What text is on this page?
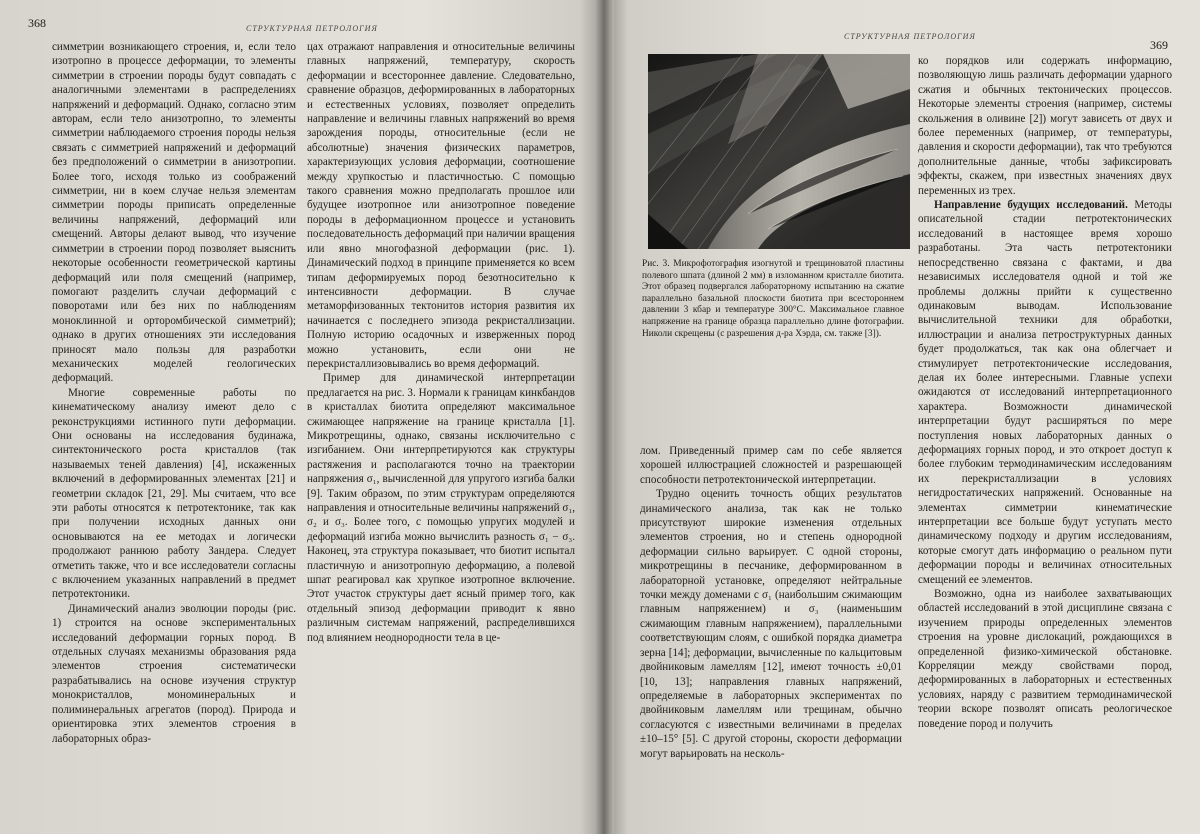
368	СТРУКТУРНАЯ ПЕТРОЛОГИЯ

симметрии возникающего строения, и, если тело изотропно в процессе деформации, то элементы симметрии в строении породы будут совпадать с аналогичными элементами в распределениях напряжений и деформаций. Однако, согласно этим авторам, если тело анизотропно, то элементы симметрии наблюдаемого строения породы нельзя связать с симметрией напряжений и деформаций без предположений о симметрии в анизотропии. Более того, исходя только из соображений симметрии, ни в коем случае нельзя элементам симметрии породы приписать определенные величины напряжений, деформаций или смещений. Авторы делают вывод, что изучение симметрии в строении пород позволяет выяснить некоторые особенности геометрической картины деформаций или поля смещений (например, помогают разделить случаи деформаций с поворотами или без них по наблюдениям моноклинной и орторомбической симметрий); однако в других отношениях эти исследования приносят мало пользы для разработки механических моделей геологических деформаций.

Многие современные работы по кинематическому анализу имеют дело с реконструкциями истинного пути деформации. Они основаны на исследования будинажа, синтектонического роста кристаллов (так называемых теней давления) [4], искаженных включений в деформированных элементах [21] и геометрии складок [21, 29]. Мы считаем, что все эти работы относятся к петротектонике, так как при получении исходных данных они основываются на ее методах и логически продолжают раннюю работу Зандера. Следует отметить также, что и все исследователи согласны с включением указанных направлений в предмет петротектоники.

Динамический анализ эволюции породы (рис. 1) строится на основе экспериментальных исследований деформации горных пород. В отдельных случаях механизмы образования ряда элементов строения систематически разрабатывались на основе изучения структур монокристаллов, мономинеральных и полиминеральных агрегатов (пород). Природа и ориентировка этих элементов строения в лабораторных образ-

цах отражают направления и относительные величины главных напряжений, температуру, скорость деформации и всестороннее давление. Следовательно, сравнение образцов, деформированных в лабораторных и естественных условиях, позволяет определить направление и величины главных напряжений во время зарождения породы, относительные (если не абсолютные) значения физических параметров, характеризующих условия деформации, соотношение между хрупкостью и пластичностью. С помощью такого сравнения можно предполагать прошлое или будущее изотропное или анизотропное поведение породы в деформационном процессе и установить последовательность деформаций при наличии вращения или явно многофазной деформации (рис. 1). Динамический подход в принципе применяется ко всем типам деформируемых пород безотносительно к интенсивности деформации. В случае метаморфизованных тектонитов история развития их начинается с последнего эпизода рекристаллизации. Полную историю осадочных и изверженных пород можно установить, если они не перекристаллизовывались во время деформаций.

Пример для динамической интерпретации предлагается на рис. 3. Нормали к границам кинкбандов в кристаллах биотита определяют максимальное сжимающее напряжение на границе кристалла [1]. Микротрещины, однако, связаны исключительно с изгибанием. Они интерпретируются как структуры растяжения и располагаются точно на траектории напряжения σ₁, вычисленной для упругого изгиба балки [9]. Таким образом, по этим структурам определяются направления и относительные величины напряжений σ₁, σ₂ и σ₃. Более того, с помощью упругих модулей и деформаций изгиба можно вычислить разность σ₁ − σ₃. Наконец, эта структура показывает, что биотит испытал пластичную и анизотропную деформацию, а полевой шпат реагировал как хрупкое изотропное включение. Этот участок структуры дает ясный пример того, как отдельный эпизод деформации приводит к явно различным системам напряжений, распределившихся под влиянием неоднородности тела в це-

СТРУКТУРНАЯ ПЕТРОЛОГИЯ
369
Рис. 3. Микрофотография изогнутой и трещиноватой пластины полевого шпата (длиной 2 мм) в изломанном кристалле биотита. Этот образец подвергался лабораторному испытанию на сжатие параллельно базальной плоскости биотита при всестороннем давлении 3 кбар и температуре 300°С. Максимальное главное напряжение на границе образца параллельно длине фотографии. Николи скрещены (с разрешения д-ра Хэрда, см. также [3]).

лом. Приведенный пример сам по себе является хорошей иллюстрацией сложностей и разрешающей способности петротектонической интерпретации.

Трудно оценить точность общих результатов динамического анализа, так как не только присутствуют широкие изменения отдельных элементов строения, но и степень однородной деформации сильно варьирует. С одной стороны, микротрещины в песчанике, деформированном в лабораторной установке, определяют нейтральные точки между доменами с σ₁ (наибольшим сжимающим главным напряжением) и σ₃ (наименьшим сжимающим главным напряжением), параллельными соответствующим слоям, с ошибкой порядка диаметра зерна [14]; деформации, вычисленные по кальцитовым двойниковым ламеллям [12], имеют точность ±0,01 [10, 13]; направления главных напряжений, определяемые в лабораторных экспериментах по двойниковым ламеллям или трещинам, обычно согласуются с известными величинами в пределах ±10–15° [5]. С другой стороны, скорости деформации могут варьировать на несколь-

ко порядков или содержать информацию, позволяющую лишь различать деформации ударного сжатия и обычных тектонических процессов. Некоторые элементы строения (например, системы скольжения в оливине [2]) могут зависеть от двух и более переменных (например, от температуры, давления и скорости деформации), так что требуются дополнительные данные, чтобы зафиксировать эффекты, скажем, при известных значениях двух переменных из трех.

Направление будущих исследований. Методы описательной стадии петротектонических исследований в настоящее время хорошо разработаны. Эта часть петротектоники непосредственно связана с фактами, и два независимых исследователя одной и той же проблемы должны прийти к существенно одинаковым выводам. Использование вычислительной техники для обработки, иллюстрации и анализа петроструктурных данных будет продолжаться, так как она облегчает и стимулирует петротектонические исследования, делая их более интересными. Главные успехи ожидаются от исследований интерпретационного характера. Возможности динамической интерпретации будут расширяться по мере поступления новых лабораторных данных о деформациях горных пород, и это откроет доступ к более глубоким термодинамическим исследованиям их перекристаллизации в условиях негидростатических напряжений. Основанные на элементах симметрии кинематические интерпретации все больше будут уступать место динамическому подходу и другим исследованиям, которые смогут дать информацию о реальном пути деформации породы и величинах относительных смещений ее элементов.

Возможно, одна из наиболее захватывающих областей исследований в этой дисциплине связана с изучением природы определенных элементов строения на уровне дислокаций, рождающихся в определенной физико-химической обстановке. Корреляции между свойствами пород, деформированных в лабораторных и естественных условиях, наряду с развитием термодинамической теории вскоре позволят описать реологическое поведение пород и получить
